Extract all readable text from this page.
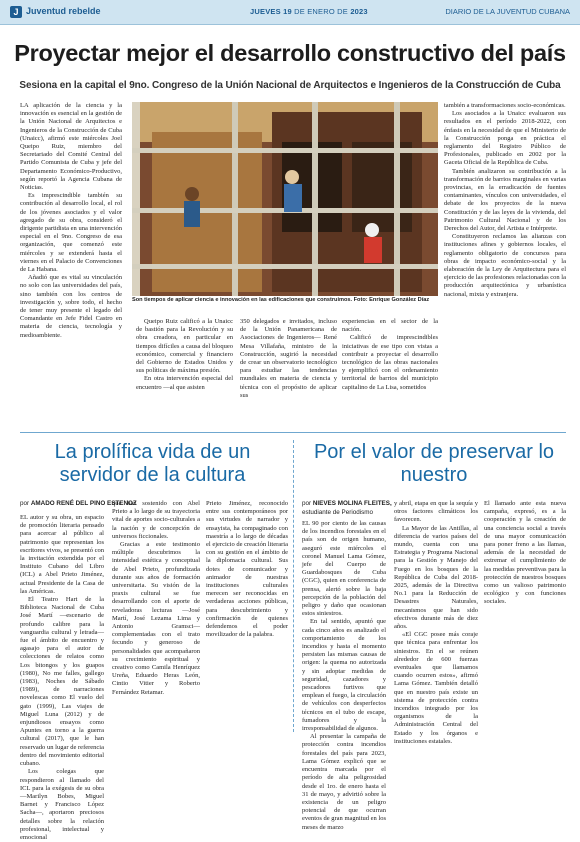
J Juventud rebelde	JUEVES 19 DE ENERO DE 2023	DIARIO DE LA JUVENTUD CUBANA
Proyectar mejor el desarrollo constructivo del país
Sesiona en la capital el 9no. Congreso de la Unión Nacional de Arquitectos e Ingenieros de la Construcción de Cuba

LA aplicación de la ciencia y la innovación es esencial en la gestión de la Unión Nacional de Arquitectos e Ingenieros de la Construcción de Cuba (Unaicc), afirmó este miércoles Joel Queipo Ruiz, miembro del Secretariado del Comité Central del Partido Comunista de Cuba y jefe del Departamento Económico-Productivo, según reportó la Agencia Cubana de Noticias.

Es imprescindible también su contribución al desarrollo local, el rol de los jóvenes asociados y el valor agregado de su obra, consideró el dirigente partidista en una intervención especial en el 9no. Congreso de esa organización, que comenzó este miércoles y se extenderá hasta el viernes en el Palacio de Convenciones de La Habana.

Añadió que es vital su vinculación no solo con las universidades del país, sino también con los centros de investigación y, sobre todo, el hecho de tener muy presente el legado del Comandante en Jefe Fidel Castro en materia de ciencia, tecnología y medioambiente.

Son tiempos de aplicar ciencia e innovación en las edificaciones que construimos. Foto: Enrique González Díaz

Queipo Ruiz calificó a la Unaicc de bastión para la Revolución y su obra creadora, en particular en tiempos difíciles a causa del bloqueo económico, comercial y financiero del Gobierno de Estados Unidos y sus políticas de máxima presión.

En otra intervención especial del encuentro —al que asisten

350 delegados e invitados, incluso de la Unión Panamericana de Asociaciones de Ingenieros— René Mesa Villafaña, ministro de la Construcción, sugirió la necesidad de crear un observatorio tecnológico para estudiar las tendencias mundiales en materia de ciencia y técnica con el propósito de aplicar sus

experiencias en el sector de la nación.

Calificó de imprescindibles iniciativas de ese tipo con vistas a contribuir a proyectar el desarrollo tecnológico de las obras nacionales y ejemplificó con el ordenamiento territorial de barrios del municipio capitalino de La Lisa, sometidos

también a transformaciones socio-económicas.

Los asociados a la Unaicc evaluaron sus resultados en el período 2018-2022, con énfasis en la necesidad de que el Ministerio de la Construcción ponga en práctica el reglamento del Registro Público de Profesionales, publicado en 2002 por la Gaceta Oficial de la República de Cuba.

También analizaron su contribución a la transformación de barrios marginales en varias provincias, en la erradicación de fuentes contaminantes, vínculos con universidades, el debate de los proyectos de la nueva Constitución y de las leyes de la vivienda, del Patrimonio Cultural Nacional y de los Derechos del Autor, del Artista e Intérprete.

Constituyeron reclamos las alianzas con instituciones afines y gobiernos locales, el reglamento obligatorio de concursos para obras de impacto económico-social y la elaboración de la Ley de Arquitectura para el ejercicio de las profesiones relacionadas con la producción arquitectónica y urbanística nacional, mixta y extranjera.

La prolífica vida de un servidor de la cultura
por AMADO RENÉ DEL PINO ESTENOZ

EL autor y su obra, un espacio de promoción literaria pensado para acercar al público al patrimonio que representan los escritores vivos, se presentó con la invitación extendida por el Instituto Cubano del Libro (ICL) a Abel Prieto Jiménez, actual Presidente de la Casa de las Américas.

El Teatro Hart de la Biblioteca Nacional de Cuba José Martí —escenario de profundo calibre para la vanguardia cultural y letrada— fue el ámbito de encuentro y agasajo para el autor de colecciones de relatos como Los bitongos y los guapos (1980), No me falles, gallego (1983), Noches de Sábado (1989), de narraciones novelescas como El vuelo del gato (1999), Las viajes de Miguel Luna (2012) y de enjundiosos ensayos como Apuntes en torno a la guerra cultural (2017), que le han reservado un lugar de referencia dentro del movimiento editorial cubano.

Los colegas que respondieron al llamado del ICL para la exégesis de su obra —Marilyn Bobes, Miguel Barnet y Francisco López Sacha—, aportaron preciosos detalles sobre la relación profesional, intelectual y emocional

que han sostenido con Abel Prieto a lo largo de su trayectoria vital de aportes socio-culturales a la nación y de concepción de universos ficcionales.

Gracias a este testimonio múltiple descubrimos la intensidad estética y conceptual de Abel Prieto, profundizada durante sus años de formación universitaria. Su visión de la praxis cultural se fue desarrollando con el aporte de reveladoras lecturas —José Martí, José Lezama Lima y Antonio Gramsci— complementadas con el trato fecundo y generoso de personalidades que acompañaron su crecimiento espiritual y creativo como Camila Henríquez Ureña, Eduardo Heras León, Cintio Vitier y Roberto Fernández Retamar.

Prieto Jiménez, reconocido entre sus contemporáneos por sus virtudes de narrador y ensayista, ha compaginado con maestría a lo largo de décadas el ejercicio de creación literaria con su gestión en el ámbito de la diplomacia cultural. Sus dotes de comunicador y animador de nuestras instituciones culturales merecen ser reconocidas en verdaderas acciones públicas, para descubrimiento y confirmación de quienes defendemos el poder movilizador de la palabra.

Por el valor de preservar lo nuestro
por NIEVES MOLINA FLEITES,
estudiante de Periodismo

EL 90 por ciento de las causas de los incendios forestales en el país son de origen humano, aseguró este miércoles el coronel Manuel Lama Gómez, jefe del Cuerpo de Guardabosques de Cuba (CGC), quien en conferencia de prensa, alertó sobre la baja percepción de la población del peligro y daño que ocasionan estos siniestros.

En tal sentido, apuntó que cada cinco años es analizado el comportamiento de los incendios y hasta el momento persisten las mismas causas de origen: la quema no autorizada y sin adoptar medidas de seguridad, cazadores y pescadores furtivos que emplean el fuego, la circulación de vehículos con desperfectos técnicos en el tubo de escape, fumadores y la irresponsabilidad de algunos.

Al presentar la campaña de protección contra incendios forestales del país para 2023, Lama Gómez explicó que se encuentra marcada por el período de alta peligrosidad desde el 1ro. de enero hasta el 31 de mayo, y advirtió sobre la existencia de un peligro potencial de que ocurran eventos de gran magnitud en los meses de marzo

y abril, etapa en que la sequía y otros factores climáticos los favorecen.

La Mayor de las Antillas, al diferencia de varios países del mundo, cuenta con una Estrategia y Programa Nacional para la Gestión y Manejo del Fuego en los bosques de la República de Cuba del 2018-2025, además de la Directiva No.1 para la Reducción de Desastres Naturales, mecanismos que han sido efectivos durante más de diez años.

«El CGC posee más coraje que técnica para enfrentar los siniestros. En el se reúnen alrededor de 600 fuerzas eventuales que llamamos cuando ocurren estos», afirmó Lama Gómez. También detalló que en nuestro país existe un sistema de protección contra incendios integrado por los organismos de la Administración Central del Estado y los órganos e instituciones estatales.

El llamado ante esta nueva campaña, expresó, es a la cooperación y la creación de una conciencia social a través de una mayor comunicación para poner freno a las llamas, además de la necesidad de extremar el cumplimiento de las medidas preventivas para la protección de nuestros bosques como un valioso patrimonio ecológico y con funciones sociales.
